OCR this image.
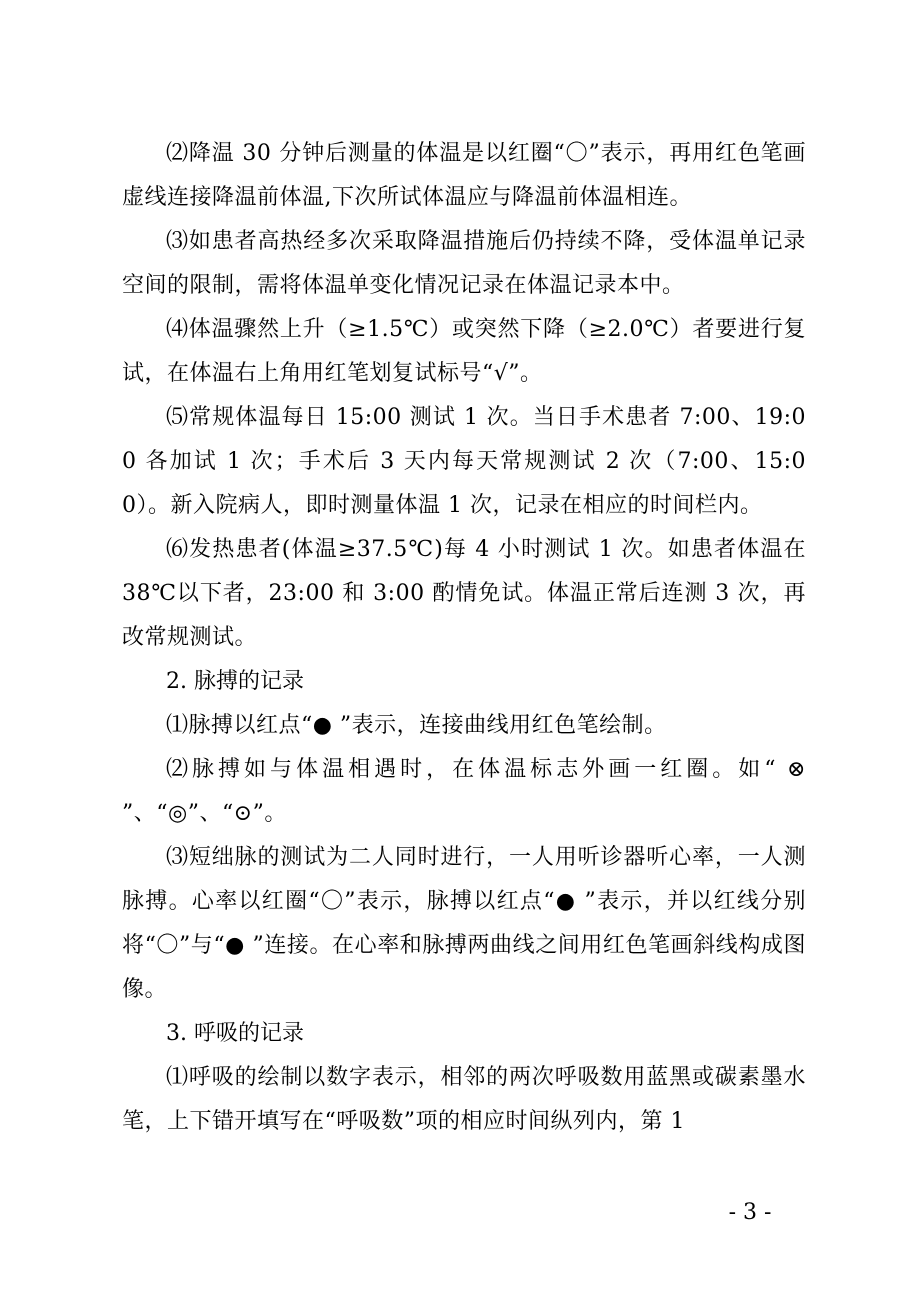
⑵降温 30 分钟后测量的体温是以红圈“〇”表示，再用红色笔画虚线连接降温前体温,下次所试体温应与降温前体温相连。

⑶如患者高热经多次采取降温措施后仍持续不降，受体温单记录空间的限制，需将体温单变化情况记录在体温记录本中。

⑷体温骤然上升（≥1.5℃）或突然下降（≥2.0℃）者要进行复试，在体温右上角用红笔划复试标号“√”。

⑸常规体温每日 15:00 测试 1 次。当日手术患者 7:00、19:00 各加试 1 次；手术后 3 天内每天常规测试 2 次（7:00、15:00）。新入院病人，即时测量体温 1 次，记录在相应的时间栏内。

⑹发热患者(体温≥37.5℃)每 4 小时测试 1 次。如患者体温在 38℃以下者，23:00 和 3:00 酌情免试。体温正常后连测 3 次，再改常规测试。

2. 脉搏的记录

⑴脉搏以红点“● ”表示，连接曲线用红色笔绘制。

⑵脉搏如与体温相遇时，在体温标志外画一红圈。如“ ⊗ ”、“◎”、“⊙”。

⑶短绌脉的测试为二人同时进行，一人用听诊器听心率，一人测脉搏。心率以红圈“〇”表示，脉搏以红点“● ”表示，并以红线分别将“〇”与“● ”连接。在心率和脉搏两曲线之间用红色笔画斜线构成图像。

3. 呼吸的记录

⑴呼吸的绘制以数字表示，相邻的两次呼吸数用蓝黑或碳素墨水笔，上下错开填写在“呼吸数”项的相应时间纵列内，第 1

- 3 -
